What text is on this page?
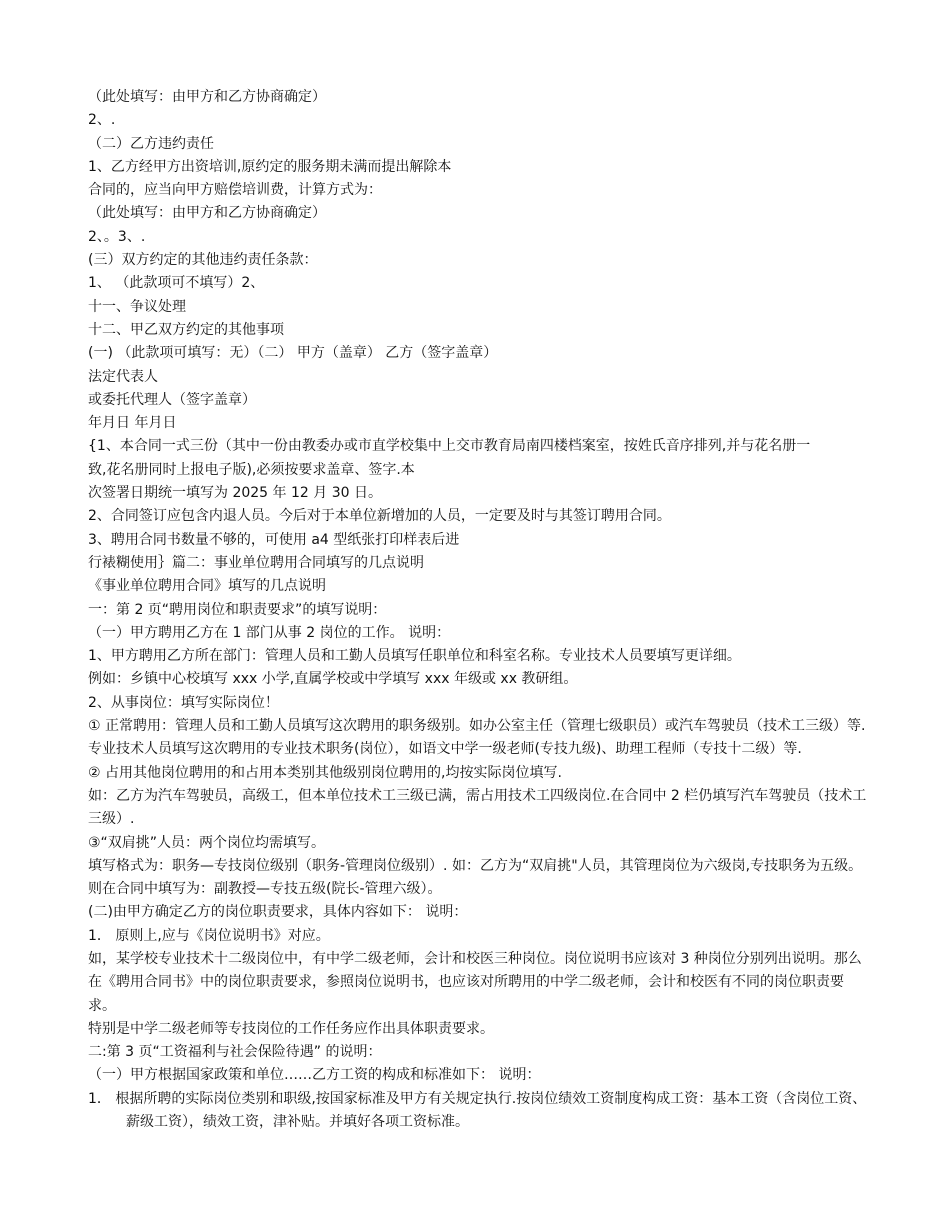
（此处填写：由甲方和乙方协商确定）
2、.
（二）乙方违约责任
1、乙方经甲方出资培训,原约定的服务期未满而提出解除本
合同的，应当向甲方赔偿培训费，计算方式为：
（此处填写：由甲方和乙方协商确定）
2、。3、.
(三）双方约定的其他违约责任条款：
1、 （此款项可不填写）2、
十一、争议处理
十二、甲乙双方约定的其他事项
(一) （此款项可填写：无）（二） 甲方（盖章） 乙方（签字盖章）
法定代表人
或委托代理人（签字盖章）
年月日 年月日
{1、本合同一式三份（其中一份由教委办或市直学校集中上交市教育局南四楼档案室，按姓氏音序排列,并与花名册一
致,花名册同时上报电子版),必须按要求盖章、签字.本
次签署日期统一填写为 2025 年 12 月 30 日。
2、合同签订应包含内退人员。今后对于本单位新增加的人员，一定要及时与其签订聘用合同。
3、聘用合同书数量不够的，可使用 a4 型纸张打印样表后进
行裱糊使用｝篇二：事业单位聘用合同填写的几点说明
《事业单位聘用合同》填写的几点说明
一：第 2 页“聘用岗位和职责要求”的填写说明：
（一）甲方聘用乙方在 1 部门从事 2 岗位的工作。 说明：
1、甲方聘用乙方所在部门：管理人员和工勤人员填写任职单位和科室名称。专业技术人员要填写更详细。
例如：乡镇中心校填写 xxx 小学,直属学校或中学填写 xxx 年级或 xx 教研组。
2、从事岗位：填写实际岗位！
① 正常聘用：管理人员和工勤人员填写这次聘用的职务级别。如办公室主任（管理七级职员）或汽车驾驶员（技术工三级）等.专业技术人员填写这次聘用的专业技术职务(岗位），如语文中学一级老师(专技九级)、助理工程师（专技十二级）等.
② 占用其他岗位聘用的和占用本类别其他级别岗位聘用的,均按实际岗位填写.
如：乙方为汽车驾驶员，高级工，但本单位技术工三级已满，需占用技术工四级岗位.在合同中 2 栏仍填写汽车驾驶员（技术工三级）.
③“双肩挑”人员：两个岗位均需填写。
填写格式为：职务—专技岗位级别（职务-管理岗位级别）. 如：乙方为“双肩挑"人员，其管理岗位为六级岗,专技职务为五级。则在合同中填写为：副教授—专技五级(院长-管理六级）。
(二)由甲方确定乙方的岗位职责要求，具体内容如下： 说明：
1． 原则上,应与《岗位说明书》对应。
如，某学校专业技术十二级岗位中，有中学二级老师，会计和校医三种岗位。岗位说明书应该对 3 种岗位分别列出说明。那么在《聘用合同书》中的岗位职责要求，参照岗位说明书，也应该对所聘用的中学二级老师，会计和校医有不同的岗位职责要求。
特别是中学二级老师等专技岗位的工作任务应作出具体职责要求。
二:第 3 页“工资福利与社会保险待遇” 的说明：
（一）甲方根据国家政策和单位……乙方工资的构成和标准如下： 说明：
1． 根据所聘的实际岗位类别和职级,按国家标准及甲方有关规定执行.按岗位绩效工资制度构成工资：基本工资（含岗位工资、薪级工资），绩效工资，津补贴。并填好各项工资标准。
